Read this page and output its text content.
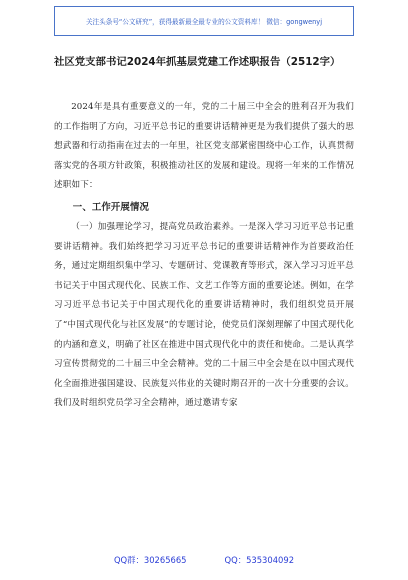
关注头条号“公文研究”，获得最新最全最专业的公文资料库！ 微信：gongwenyj
社区党支部书记2024年抓基层党建工作述职报告（2512字）

2024年是具有重要意义的一年，党的二十届三中全会的胜利召开为我们的工作指明了方向，习近平总书记的重要讲话精神更是为我们提供了强大的思想武器和行动指南在过去的一年里，社区党支部紧密围绕中心工作，认真贯彻落实党的各项方针政策，积极推动社区的发展和建设。现将一年来的工作情况述职如下：

一、工作开展情况

（一）加强理论学习，提高党员政治素养。一是深入学习习近平总书记重要讲话精神。我们始终把学习习近平总书记的重要讲话精神作为首要政治任务，通过定期组织集中学习、专题研讨、党课教育等形式，深入学习习近平总书记关于中国式现代化、民族工作、文艺工作等方面的重要论述。例如，在学习习近平总书记关于中国式现代化的重要讲话精神时，我们组织党员开展了“中国式现代化与社区发展”的专题讨论，使党员们深刻理解了中国式现代化的内涵和意义，明确了社区在推进中国式现代化中的责任和使命。二是认真学习宣传贯彻党的二十届三中全会精神。党的二十届三中全会是在以中国式现代化全面推进强国建设、民族复兴伟业的关键时期召开的一次十分重要的会议。我们及时组织党员学习全会精神，通过邀请专家

QQ群：30265665	QQ：535304092
